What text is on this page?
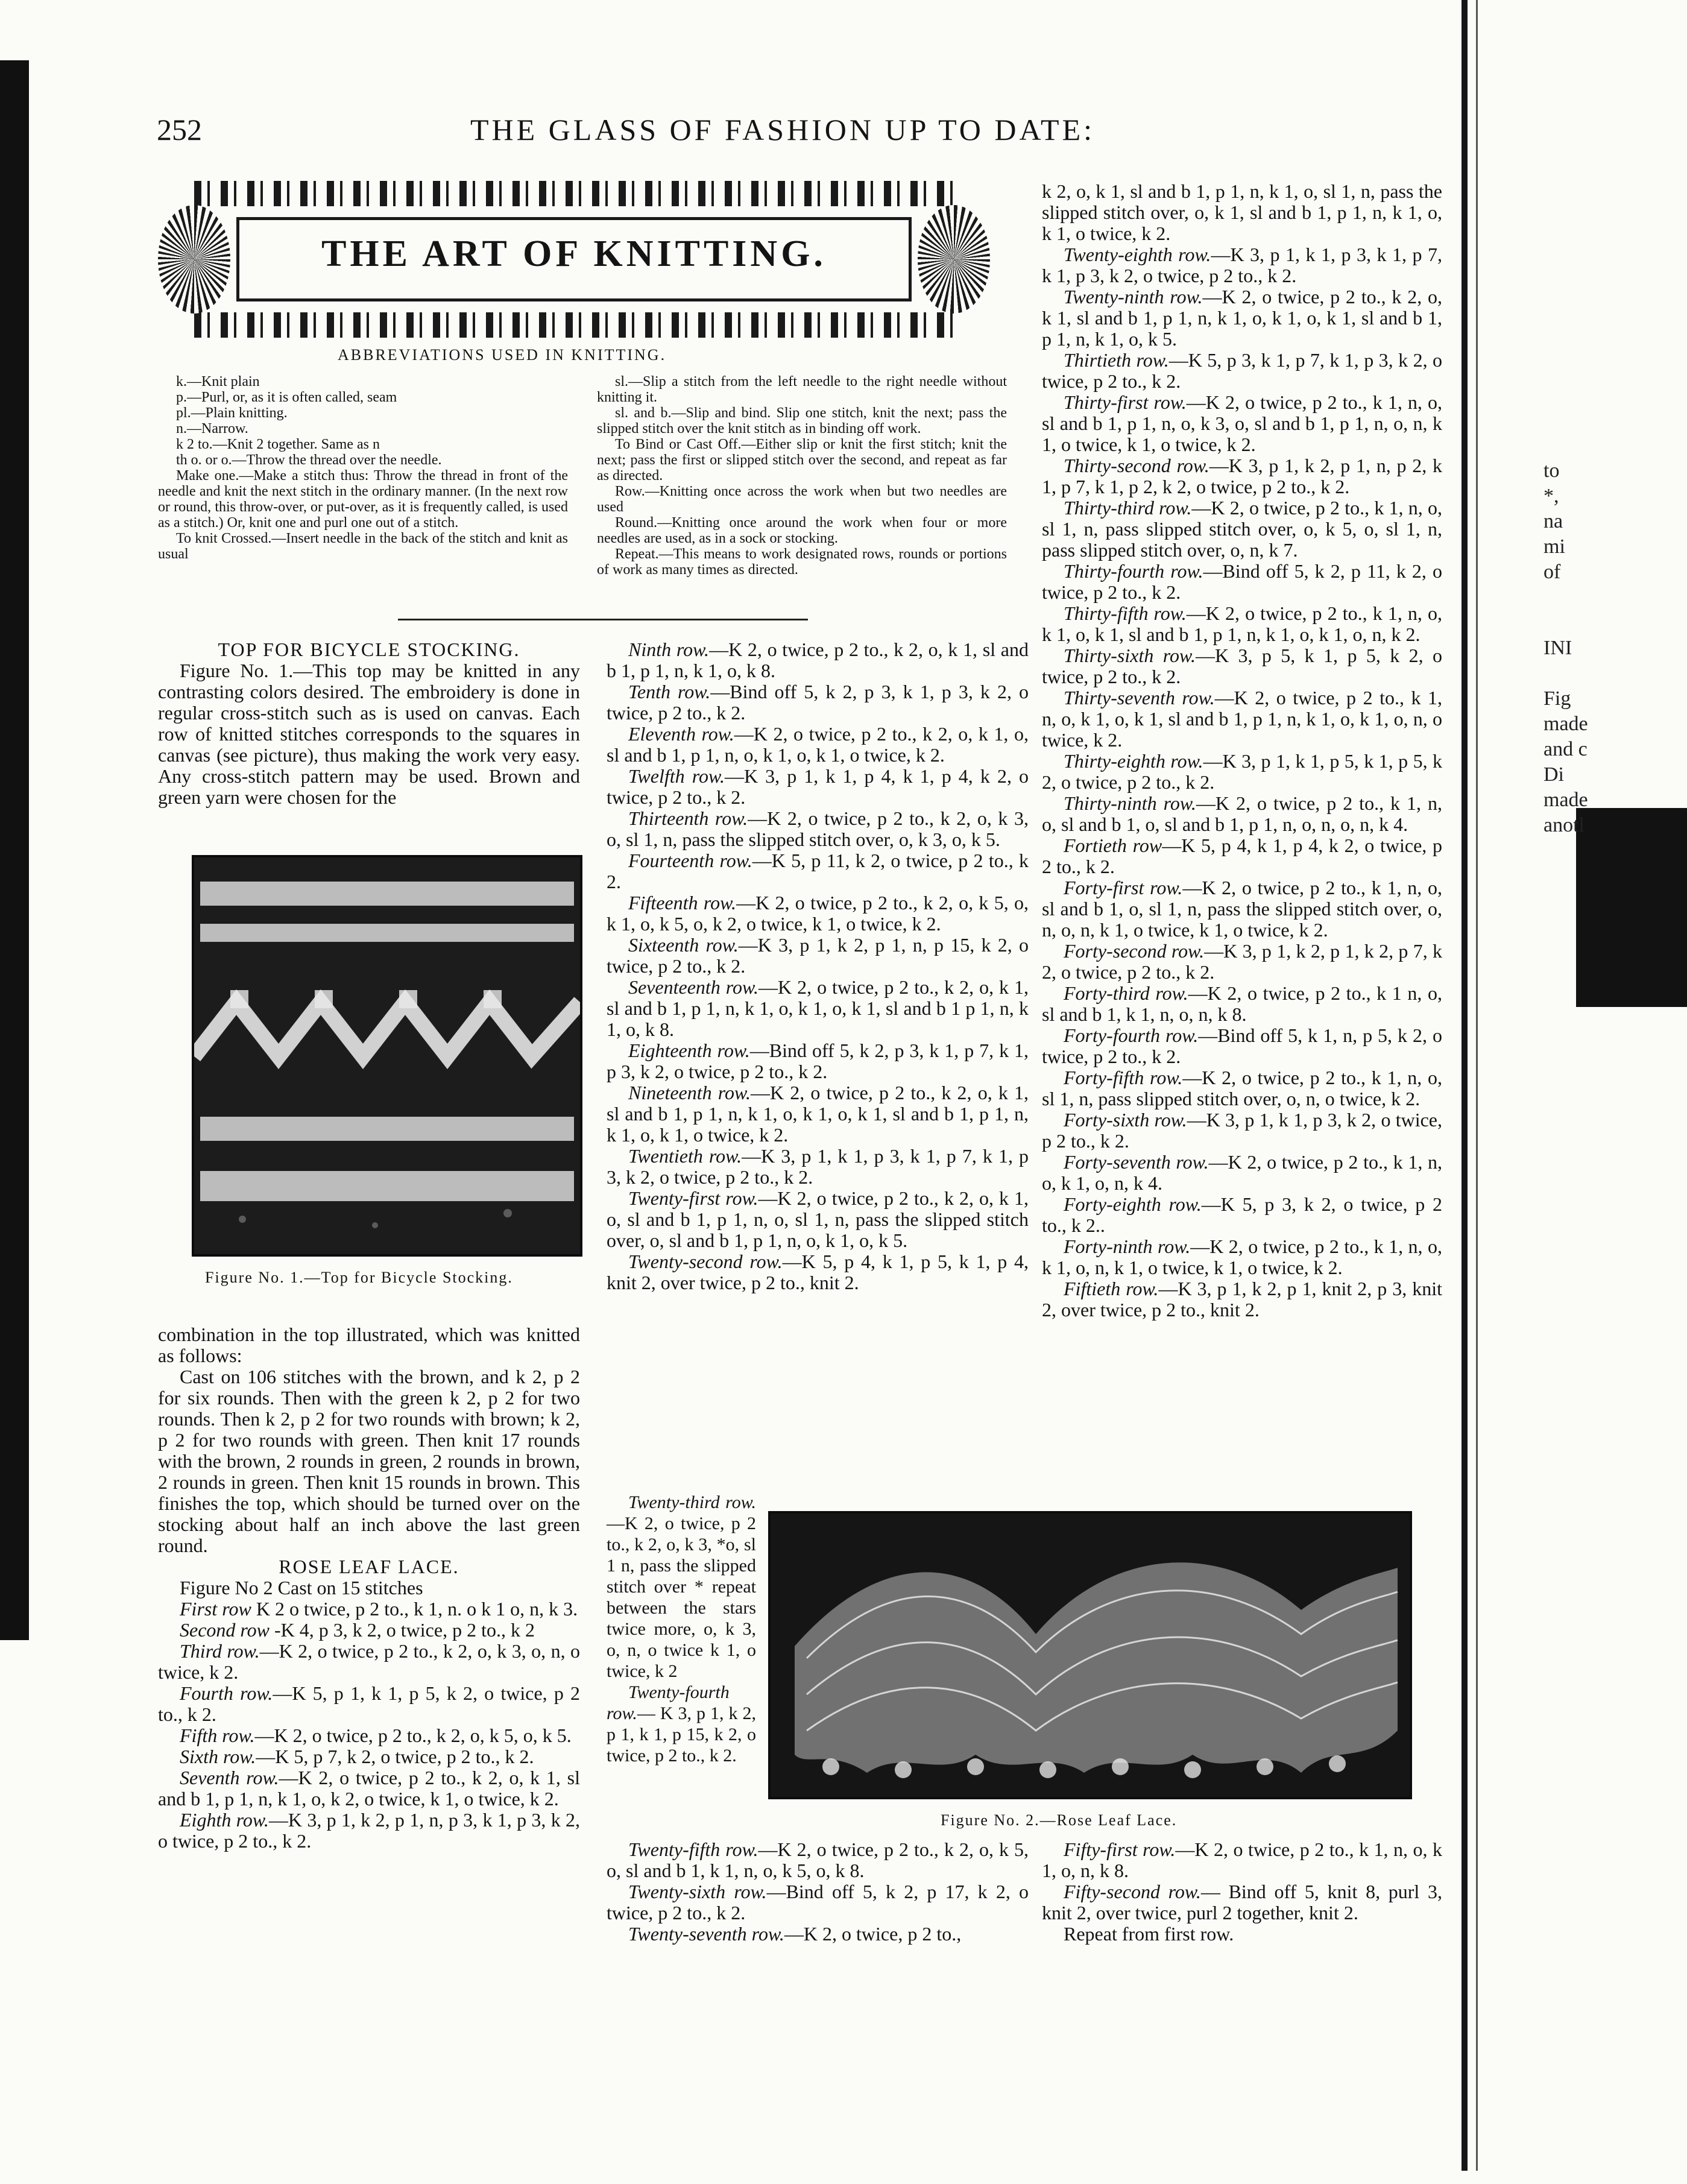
to
*,
na
mi
of

INI

Fig
made
and c
Di
made
anotl
252	THE GLASS OF FASHION UP TO DATE:
THE ART OF KNITTING.
ABBREVIATIONS USED IN KNITTING.

k.—Knit plain

p.—Purl, or, as it is often called, seam

pl.—Plain knitting.

n.—Narrow.

k 2 to.—Knit 2 together. Same as n

th o. or o.—Throw the thread over the needle.

Make one.—Make a stitch thus: Throw the thread in front of the needle and knit the next stitch in the ordinary manner. (In the next row or round, this throw-over, or put-over, as it is frequently called, is used as a stitch.) Or, knit one and purl one out of a stitch.

To knit Crossed.—Insert needle in the back of the stitch and knit as usual

sl.—Slip a stitch from the left needle to the right needle without knitting it.

sl. and b.—Slip and bind. Slip one stitch, knit the next; pass the slipped stitch over the knit stitch as in binding off work.

To Bind or Cast Off.—Either slip or knit the first stitch; knit the next; pass the first or slipped stitch over the second, and repeat as far as directed.

Row.—Knitting once across the work when but two needles are used

Round.—Knitting once around the work when four or more needles are used, as in a sock or stocking.

Repeat.—This means to work designated rows, rounds or portions of work as many times as directed.

TOP FOR BICYCLE STOCKING.

Figure No. 1.—This top may be knitted in any contrasting colors desired. The embroidery is done in regular cross-stitch such as is used on canvas. Each row of knitted stitches corresponds to the squares in canvas (see picture), thus making the work very easy. Any cross-stitch pattern may be used. Brown and green yarn were chosen for the

Figure No. 1.—Top for Bicycle Stocking.

combination in the top illustrated, which was knitted as follows:

Cast on 106 stitches with the brown, and k 2, p 2 for six rounds. Then with the green k 2, p 2 for two rounds. Then k 2, p 2 for two rounds with brown; k 2, p 2 for two rounds with green. Then knit 17 rounds with the brown, 2 rounds in green, 2 rounds in brown, 2 rounds in green. Then knit 15 rounds in brown. This finishes the top, which should be turned over on the stocking about half an inch above the last green round.

ROSE LEAF LACE.

Figure No 2 Cast on 15 stitches

First row K 2 o twice, p 2 to., k 1, n. o k 1 o, n, k 3.

Second row -K 4, p 3, k 2, o twice, p 2 to., k 2

Third row.—K 2, o twice, p 2 to., k 2, o, k 3, o, n, o twice, k 2.

Fourth row.—K 5, p 1, k 1, p 5, k 2, o twice, p 2 to., k 2.

Fifth row.—K 2, o twice, p 2 to., k 2, o, k 5, o, k 5.

Sixth row.—K 5, p 7, k 2, o twice, p 2 to., k 2.

Seventh row.—K 2, o twice, p 2 to., k 2, o, k 1, sl and b 1, p 1, n, k 1, o, k 2, o twice, k 1, o twice, k 2.

Eighth row.—K 3, p 1, k 2, p 1, n, p 3, k 1, p 3, k 2, o twice, p 2 to., k 2.

Ninth row.—K 2, o twice, p 2 to., k 2, o, k 1, sl and b 1, p 1, n, k 1, o, k 8.

Tenth row.—Bind off 5, k 2, p 3, k 1, p 3, k 2, o twice, p 2 to., k 2.

Eleventh row.—K 2, o twice, p 2 to., k 2, o, k 1, o, sl and b 1, p 1, n, o, k 1, o, k 1, o twice, k 2.

Twelfth row.—K 3, p 1, k 1, p 4, k 1, p 4, k 2, o twice, p 2 to., k 2.

Thirteenth row.—K 2, o twice, p 2 to., k 2, o, k 3, o, sl 1, n, pass the slipped stitch over, o, k 3, o, k 5.

Fourteenth row.—K 5, p 11, k 2, o twice, p 2 to., k 2.

Fifteenth row.—K 2, o twice, p 2 to., k 2, o, k 5, o, k 1, o, k 5, o, k 2, o twice, k 1, o twice, k 2.

Sixteenth row.—K 3, p 1, k 2, p 1, n, p 15, k 2, o twice, p 2 to., k 2.

Seventeenth row.—K 2, o twice, p 2 to., k 2, o, k 1, sl and b 1, p 1, n, k 1, o, k 1, o, k 1, sl and b 1 p 1, n, k 1, o, k 8.

Eighteenth row.—Bind off 5, k 2, p 3, k 1, p 7, k 1, p 3, k 2, o twice, p 2 to., k 2.

Nineteenth row.—K 2, o twice, p 2 to., k 2, o, k 1, sl and b 1, p 1, n, k 1, o, k 1, o, k 1, sl and b 1, p 1, n, k 1, o, k 1, o twice, k 2.

Twentieth row.—K 3, p 1, k 1, p 3, k 1, p 7, k 1, p 3, k 2, o twice, p 2 to., k 2.

Twenty-first row.—K 2, o twice, p 2 to., k 2, o, k 1, o, sl and b 1, p 1, n, o, sl 1, n, pass the slipped stitch over, o, sl and b 1, p 1, n, o, k 1, o, k 5.

Twenty-second row.—K 5, p 4, k 1, p 5, k 1, p 4, knit 2, over twice, p 2 to., knit 2.

Twenty-third row.—K 2, o twice, p 2 to., k 2, o, k 3, *o, sl 1 n, pass the slipped stitch over * repeat between the stars twice more, o, k 3, o, n, o twice k 1, o twice, k 2

Twenty-fourth row.— K 3, p 1, k 2, p 1, k 1, p 15, k 2, o twice, p 2 to., k 2.

Figure No. 2.—Rose Leaf Lace.

Twenty-fifth row.—K 2, o twice, p 2 to., k 2, o, k 5, o, sl and b 1, k 1, n, o, k 5, o, k 8.

Twenty-sixth row.—Bind off 5, k 2, p 17, k 2, o twice, p 2 to., k 2.

Twenty-seventh row.—K 2, o twice, p 2 to.,

k 2, o, k 1, sl and b 1, p 1, n, k 1, o, sl 1, n, pass the slipped stitch over, o, k 1, sl and b 1, p 1, n, k 1, o, k 1, o twice, k 2.

Twenty-eighth row.—K 3, p 1, k 1, p 3, k 1, p 7, k 1, p 3, k 2, o twice, p 2 to., k 2.

Twenty-ninth row.—K 2, o twice, p 2 to., k 2, o, k 1, sl and b 1, p 1, n, k 1, o, k 1, o, k 1, sl and b 1, p 1, n, k 1, o, k 5.

Thirtieth row.—K 5, p 3, k 1, p 7, k 1, p 3, k 2, o twice, p 2 to., k 2.

Thirty-first row.—K 2, o twice, p 2 to., k 1, n, o, sl and b 1, p 1, n, o, k 3, o, sl and b 1, p 1, n, o, n, k 1, o twice, k 1, o twice, k 2.

Thirty-second row.—K 3, p 1, k 2, p 1, n, p 2, k 1, p 7, k 1, p 2, k 2, o twice, p 2 to., k 2.

Thirty-third row.—K 2, o twice, p 2 to., k 1, n, o, sl 1, n, pass slipped stitch over, o, k 5, o, sl 1, n, pass slipped stitch over, o, n, k 7.

Thirty-fourth row.—Bind off 5, k 2, p 11, k 2, o twice, p 2 to., k 2.

Thirty-fifth row.—K 2, o twice, p 2 to., k 1, n, o, k 1, o, k 1, sl and b 1, p 1, n, k 1, o, k 1, o, n, k 2.

Thirty-sixth row.—K 3, p 5, k 1, p 5, k 2, o twice, p 2 to., k 2.

Thirty-seventh row.—K 2, o twice, p 2 to., k 1, n, o, k 1, o, k 1, sl and b 1, p 1, n, k 1, o, k 1, o, n, o twice, k 2.

Thirty-eighth row.—K 3, p 1, k 1, p 5, k 1, p 5, k 2, o twice, p 2 to., k 2.

Thirty-ninth row.—K 2, o twice, p 2 to., k 1, n, o, sl and b 1, o, sl and b 1, p 1, n, o, n, o, n, k 4.

Fortieth row—K 5, p 4, k 1, p 4, k 2, o twice, p 2 to., k 2.

Forty-first row.—K 2, o twice, p 2 to., k 1, n, o, sl and b 1, o, sl 1, n, pass the slipped stitch over, o, n, o, n, k 1, o twice, k 1, o twice, k 2.

Forty-second row.—K 3, p 1, k 2, p 1, k 2, p 7, k 2, o twice, p 2 to., k 2.

Forty-third row.—K 2, o twice, p 2 to., k 1 n, o, sl and b 1, k 1, n, o, n, k 8.

Forty-fourth row.—Bind off 5, k 1, n, p 5, k 2, o twice, p 2 to., k 2.

Forty-fifth row.—K 2, o twice, p 2 to., k 1, n, o, sl 1, n, pass slipped stitch over, o, n, o twice, k 2.

Forty-sixth row.—K 3, p 1, k 1, p 3, k 2, o twice, p 2 to., k 2.

Forty-seventh row.—K 2, o twice, p 2 to., k 1, n, o, k 1, o, n, k 4.

Forty-eighth row.—K 5, p 3, k 2, o twice, p 2 to., k 2..

Forty-ninth row.—K 2, o twice, p 2 to., k 1, n, o, k 1, o, n, k 1, o twice, k 1, o twice, k 2.

Fiftieth row.—K 3, p 1, k 2, p 1, knit 2, p 3, knit 2, over twice, p 2 to., knit 2.

Fifty-first row.—K 2, o twice, p 2 to., k 1, n, o, k 1, o, n, k 8.

Fifty-second row.— Bind off 5, knit 8, purl 3, knit 2, over twice, purl 2 together, knit 2.

Repeat from first row.
